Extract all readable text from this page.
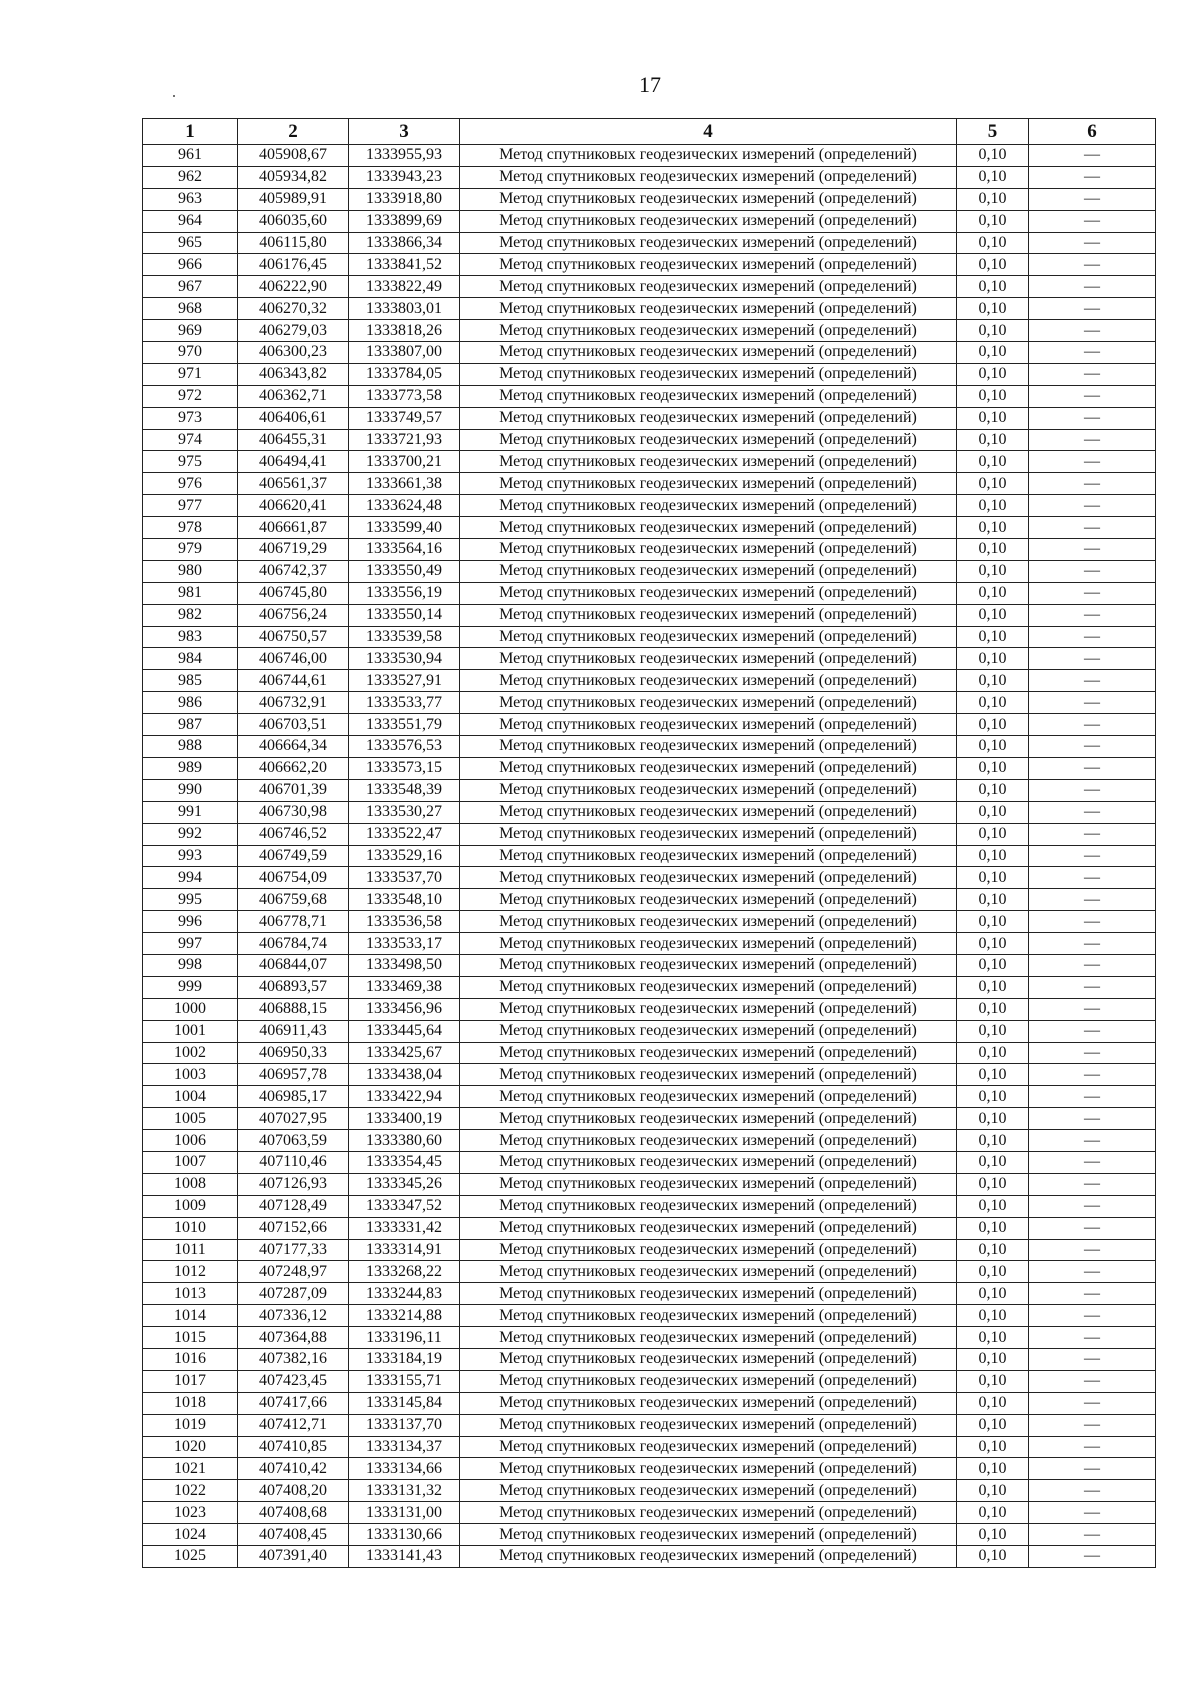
17
1	2	3	4	5	6
961	405908,67	1333955,93	Метод спутниковых геодезических измерений (определений)	0,10	—
962	405934,82	1333943,23	Метод спутниковых геодезических измерений (определений)	0,10	—
963	405989,91	1333918,80	Метод спутниковых геодезических измерений (определений)	0,10	—
964	406035,60	1333899,69	Метод спутниковых геодезических измерений (определений)	0,10	—
965	406115,80	1333866,34	Метод спутниковых геодезических измерений (определений)	0,10	—
966	406176,45	1333841,52	Метод спутниковых геодезических измерений (определений)	0,10	—
967	406222,90	1333822,49	Метод спутниковых геодезических измерений (определений)	0,10	—
968	406270,32	1333803,01	Метод спутниковых геодезических измерений (определений)	0,10	—
969	406279,03	1333818,26	Метод спутниковых геодезических измерений (определений)	0,10	—
970	406300,23	1333807,00	Метод спутниковых геодезических измерений (определений)	0,10	—
971	406343,82	1333784,05	Метод спутниковых геодезических измерений (определений)	0,10	—
972	406362,71	1333773,58	Метод спутниковых геодезических измерений (определений)	0,10	—
973	406406,61	1333749,57	Метод спутниковых геодезических измерений (определений)	0,10	—
974	406455,31	1333721,93	Метод спутниковых геодезических измерений (определений)	0,10	—
975	406494,41	1333700,21	Метод спутниковых геодезических измерений (определений)	0,10	—
976	406561,37	1333661,38	Метод спутниковых геодезических измерений (определений)	0,10	—
977	406620,41	1333624,48	Метод спутниковых геодезических измерений (определений)	0,10	—
978	406661,87	1333599,40	Метод спутниковых геодезических измерений (определений)	0,10	—
979	406719,29	1333564,16	Метод спутниковых геодезических измерений (определений)	0,10	—
980	406742,37	1333550,49	Метод спутниковых геодезических измерений (определений)	0,10	—
981	406745,80	1333556,19	Метод спутниковых геодезических измерений (определений)	0,10	—
982	406756,24	1333550,14	Метод спутниковых геодезических измерений (определений)	0,10	—
983	406750,57	1333539,58	Метод спутниковых геодезических измерений (определений)	0,10	—
984	406746,00	1333530,94	Метод спутниковых геодезических измерений (определений)	0,10	—
985	406744,61	1333527,91	Метод спутниковых геодезических измерений (определений)	0,10	—
986	406732,91	1333533,77	Метод спутниковых геодезических измерений (определений)	0,10	—
987	406703,51	1333551,79	Метод спутниковых геодезических измерений (определений)	0,10	—
988	406664,34	1333576,53	Метод спутниковых геодезических измерений (определений)	0,10	—
989	406662,20	1333573,15	Метод спутниковых геодезических измерений (определений)	0,10	—
990	406701,39	1333548,39	Метод спутниковых геодезических измерений (определений)	0,10	—
991	406730,98	1333530,27	Метод спутниковых геодезических измерений (определений)	0,10	—
992	406746,52	1333522,47	Метод спутниковых геодезических измерений (определений)	0,10	—
993	406749,59	1333529,16	Метод спутниковых геодезических измерений (определений)	0,10	—
994	406754,09	1333537,70	Метод спутниковых геодезических измерений (определений)	0,10	—
995	406759,68	1333548,10	Метод спутниковых геодезических измерений (определений)	0,10	—
996	406778,71	1333536,58	Метод спутниковых геодезических измерений (определений)	0,10	—
997	406784,74	1333533,17	Метод спутниковых геодезических измерений (определений)	0,10	—
998	406844,07	1333498,50	Метод спутниковых геодезических измерений (определений)	0,10	—
999	406893,57	1333469,38	Метод спутниковых геодезических измерений (определений)	0,10	—
1000	406888,15	1333456,96	Метод спутниковых геодезических измерений (определений)	0,10	—
1001	406911,43	1333445,64	Метод спутниковых геодезических измерений (определений)	0,10	—
1002	406950,33	1333425,67	Метод спутниковых геодезических измерений (определений)	0,10	—
1003	406957,78	1333438,04	Метод спутниковых геодезических измерений (определений)	0,10	—
1004	406985,17	1333422,94	Метод спутниковых геодезических измерений (определений)	0,10	—
1005	407027,95	1333400,19	Метод спутниковых геодезических измерений (определений)	0,10	—
1006	407063,59	1333380,60	Метод спутниковых геодезических измерений (определений)	0,10	—
1007	407110,46	1333354,45	Метод спутниковых геодезических измерений (определений)	0,10	—
1008	407126,93	1333345,26	Метод спутниковых геодезических измерений (определений)	0,10	—
1009	407128,49	1333347,52	Метод спутниковых геодезических измерений (определений)	0,10	—
1010	407152,66	1333331,42	Метод спутниковых геодезических измерений (определений)	0,10	—
1011	407177,33	1333314,91	Метод спутниковых геодезических измерений (определений)	0,10	—
1012	407248,97	1333268,22	Метод спутниковых геодезических измерений (определений)	0,10	—
1013	407287,09	1333244,83	Метод спутниковых геодезических измерений (определений)	0,10	—
1014	407336,12	1333214,88	Метод спутниковых геодезических измерений (определений)	0,10	—
1015	407364,88	1333196,11	Метод спутниковых геодезических измерений (определений)	0,10	—
1016	407382,16	1333184,19	Метод спутниковых геодезических измерений (определений)	0,10	—
1017	407423,45	1333155,71	Метод спутниковых геодезических измерений (определений)	0,10	—
1018	407417,66	1333145,84	Метод спутниковых геодезических измерений (определений)	0,10	—
1019	407412,71	1333137,70	Метод спутниковых геодезических измерений (определений)	0,10	—
1020	407410,85	1333134,37	Метод спутниковых геодезических измерений (определений)	0,10	—
1021	407410,42	1333134,66	Метод спутниковых геодезических измерений (определений)	0,10	—
1022	407408,20	1333131,32	Метод спутниковых геодезических измерений (определений)	0,10	—
1023	407408,68	1333131,00	Метод спутниковых геодезических измерений (определений)	0,10	—
1024	407408,45	1333130,66	Метод спутниковых геодезических измерений (определений)	0,10	—
1025	407391,40	1333141,43	Метод спутниковых геодезических измерений (определений)	0,10	—
